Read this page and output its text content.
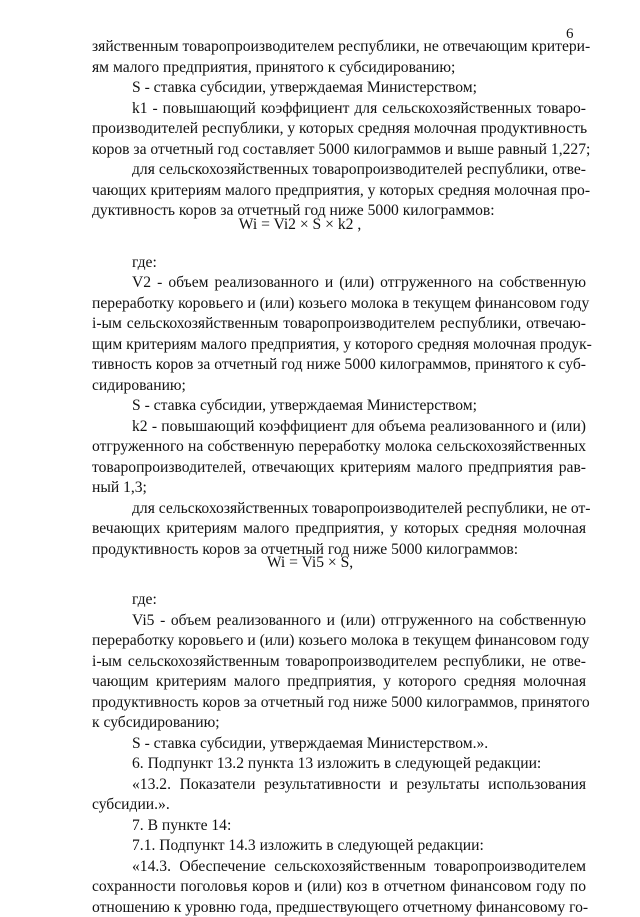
6
зяйственным товаропроизводителем республики, не отвечающим критери-
ям малого предприятия, принятого к субсидированию;
S - ставка субсидии, утверждаемая Министерством;
k1 - повышающий коэффициент для сельскохозяйственных товаро-
производителей республики, у которых средняя молочная продуктивность
коров за отчетный год составляет 5000 килограммов и выше равный 1,227;
для сельскохозяйственных товаропроизводителей республики, отве-
чающих критериям малого предприятия, у которых средняя молочная про-
дуктивность коров за отчетный год ниже 5000 килограммов:
Wi = Vi2 × S × k2 ,
где:
V2 - объем реализованного и (или) отгруженного на собственную
переработку коровьего и (или) козьего молока в текущем финансовом году
i-ым сельскохозяйственным товаропроизводителем республики, отвечаю-
щим критериям малого предприятия, у которого средняя молочная продук-
тивность коров за отчетный год ниже 5000 килограммов, принятого к суб-
сидированию;
S - ставка субсидии, утверждаемая Министерством;
k2 - повышающий коэффициент для объема реализованного и (или)
отгруженного на собственную переработку молока сельскохозяйственных
товаропроизводителей, отвечающих критериям малого предприятия рав-
ный 1,3;
для сельскохозяйственных товаропроизводителей республики, не от-
вечающих критериям малого предприятия, у которых средняя молочная
продуктивность коров за отчетный год ниже 5000 килограммов:
Wi = Vi5 × S,
где:
Vi5 - объем реализованного и (или) отгруженного на собственную
переработку коровьего и (или) козьего молока в текущем финансовом году
i-ым сельскохозяйственным товаропроизводителем республики, не отве-
чающим критериям малого предприятия, у которого средняя молочная
продуктивность коров за отчетный год ниже 5000 килограммов, принятого
к субсидированию;
S - ставка субсидии, утверждаемая Министерством.».
6. Подпункт 13.2 пункта 13 изложить в следующей редакции:
«13.2. Показатели результативности и результаты использования
субсидии.».
7. В пункте 14:
7.1. Подпункт 14.3 изложить в следующей редакции:
«14.3. Обеспечение сельскохозяйственным товаропроизводителем
сохранности поголовья коров и (или) коз в отчетном финансовом году по
отношению к уровню года, предшествующего отчетному финансовому го-
